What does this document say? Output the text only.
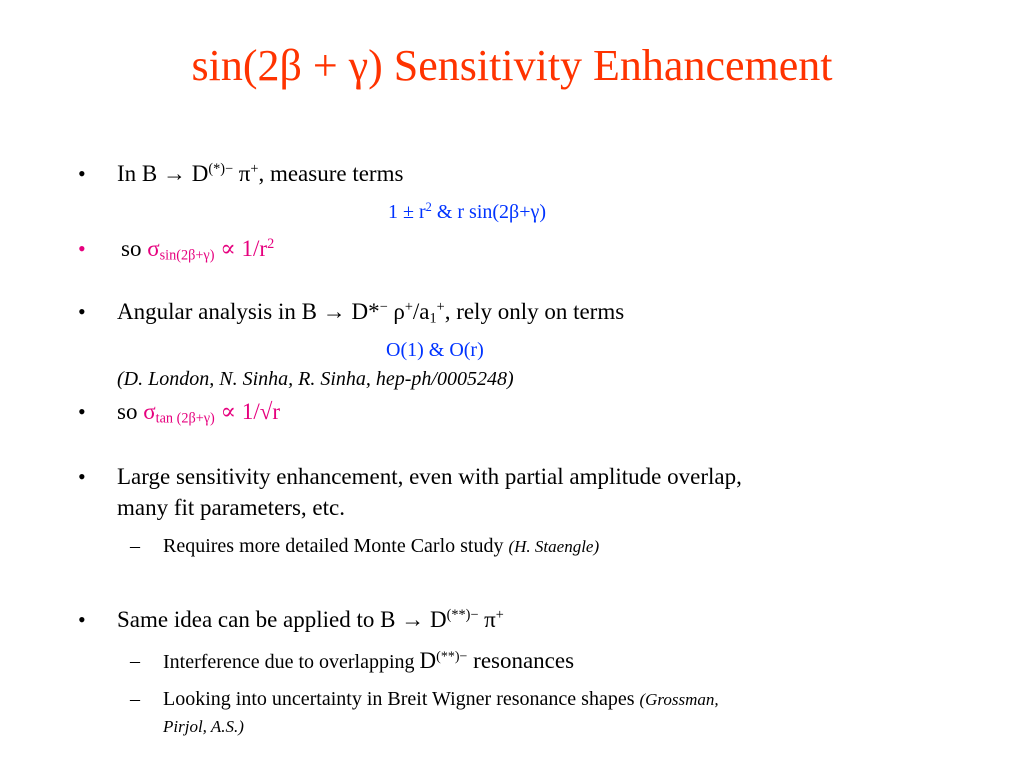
sin(2β + γ) Sensitivity Enhancement
• In B → D(*)− π+, measure terms
$1 \pm r^2$ & r sin(2β+γ)
• so $\sigma_{sin(2\beta+\gamma)} \propto 1/r^2$
• Angular analysis in B → D*− $\rho^+/a_1^+$, rely only on terms
O(1) & O(r)
(D. London, N. Sinha, R. Sinha, hep-ph/0005248)
• so $\sigma_{tan (2\beta+\gamma)} \propto 1/√r$
• Large sensitivity enhancement, even with partial amplitude overlap,
many fit parameters, etc.
– Requires more detailed Monte Carlo study (H. Staengle)
• Same idea can be applied to B → D(**)− π+
– Interference due to overlapping D(**)− resonances
– Looking into uncertainty in Breit Wigner resonance shapes (Grossman,
Pirjol, A.S.)
